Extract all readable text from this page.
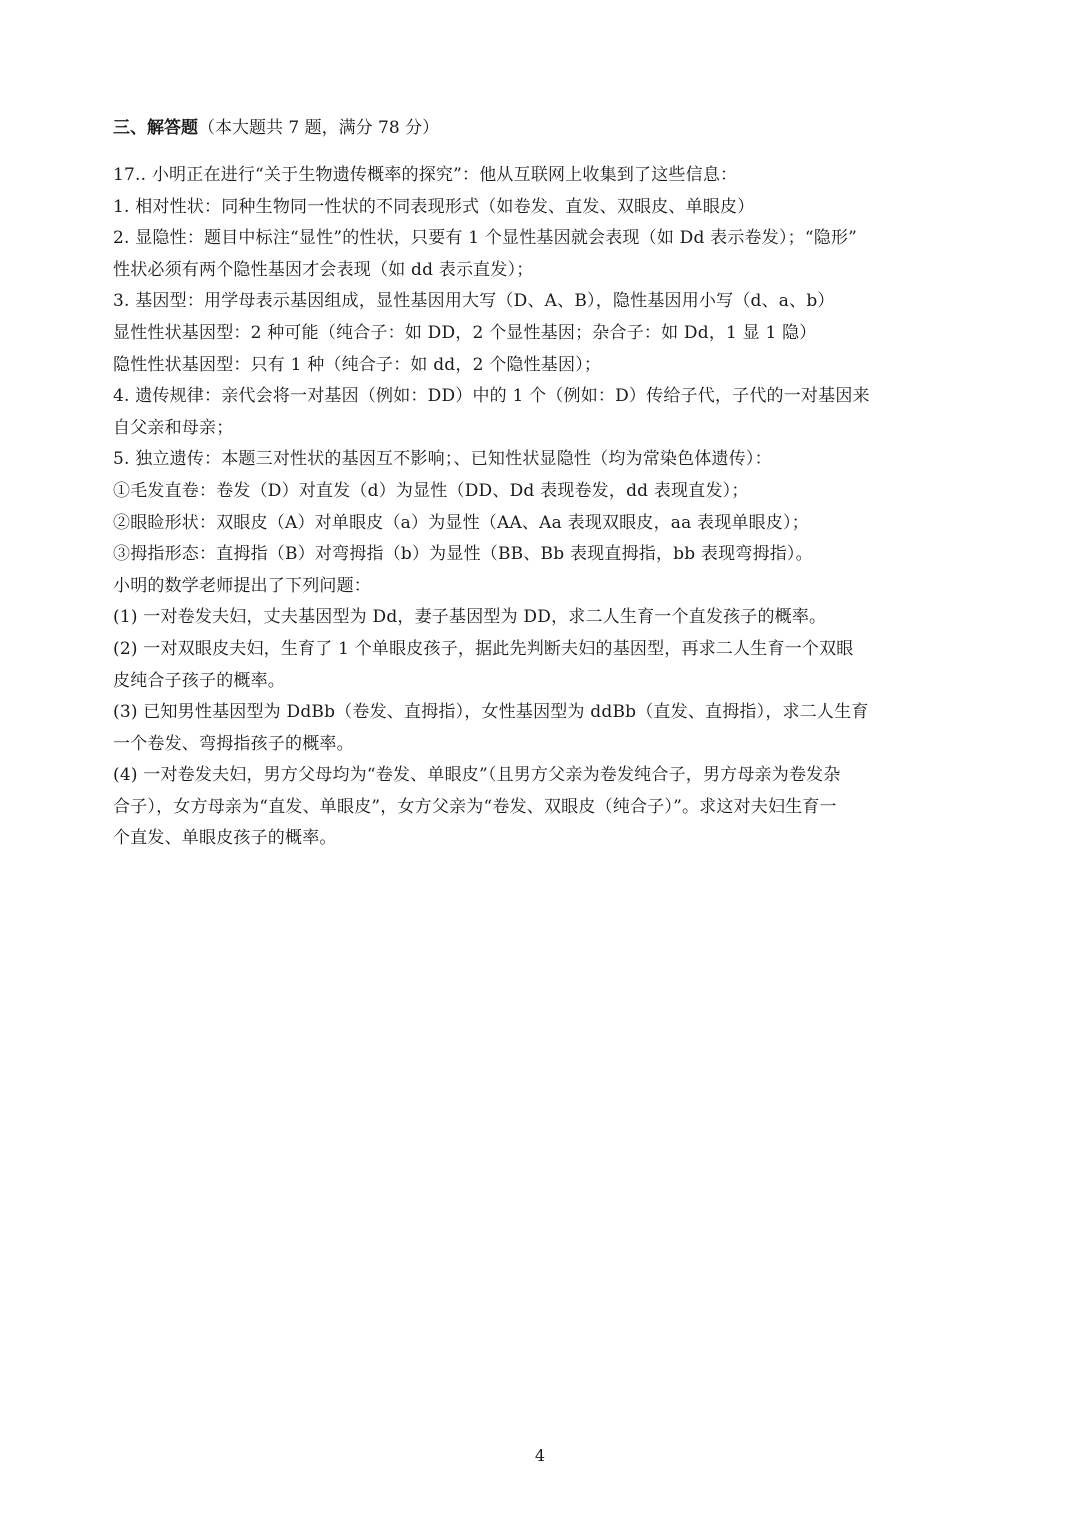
三、解答题（本大题共 7 题，满分 78 分）
17.. 小明正在进行“关于生物遗传概率的探究”：他从互联网上收集到了这些信息：
1. 相对性状：同种生物同一性状的不同表现形式（如卷发、直发、双眼皮、单眼皮）
2. 显隐性：题目中标注“显性”的性状，只要有 1 个显性基因就会表现（如 Dd 表示卷发）；“隐形”
性状必须有两个隐性基因才会表现（如 dd 表示直发）；
3. 基因型：用学母表示基因组成，显性基因用大写（D、A、B），隐性基因用小写（d、a、b）
显性性状基因型：2 种可能（纯合子：如 DD，2 个显性基因；杂合子：如 Dd，1 显 1 隐）
隐性性状基因型：只有 1 种（纯合子：如 dd，2 个隐性基因）；
4. 遗传规律：亲代会将一对基因（例如：DD）中的 1 个（例如：D）传给子代，子代的一对基因来
自父亲和母亲；
5. 独立遗传：本题三对性状的基因互不影响；、已知性状显隐性（均为常染色体遗传）：
①毛发直卷：卷发（D）对直发（d）为显性（DD、Dd 表现卷发，dd 表现直发）；
②眼睑形状：双眼皮（A）对单眼皮（a）为显性（AA、Aa 表现双眼皮，aa 表现单眼皮）；
③拇指形态：直拇指（B）对弯拇指（b）为显性（BB、Bb 表现直拇指，bb 表现弯拇指）。
小明的数学老师提出了下列问题：
(1) 一对卷发夫妇，丈夫基因型为 Dd，妻子基因型为 DD，求二人生育一个直发孩子的概率。
(2) 一对双眼皮夫妇，生育了 1 个单眼皮孩子，据此先判断夫妇的基因型，再求二人生育一个双眼
皮纯合子孩子的概率。
(3) 已知男性基因型为 DdBb（卷发、直拇指），女性基因型为 ddBb（直发、直拇指），求二人生育
一个卷发、弯拇指孩子的概率。
(4) 一对卷发夫妇，男方父母均为“卷发、单眼皮”（且男方父亲为卷发纯合子，男方母亲为卷发杂
合子），女方母亲为“直发、单眼皮”，女方父亲为“卷发、双眼皮（纯合子）”。求这对夫妇生育一
个直发、单眼皮孩子的概率。
4
